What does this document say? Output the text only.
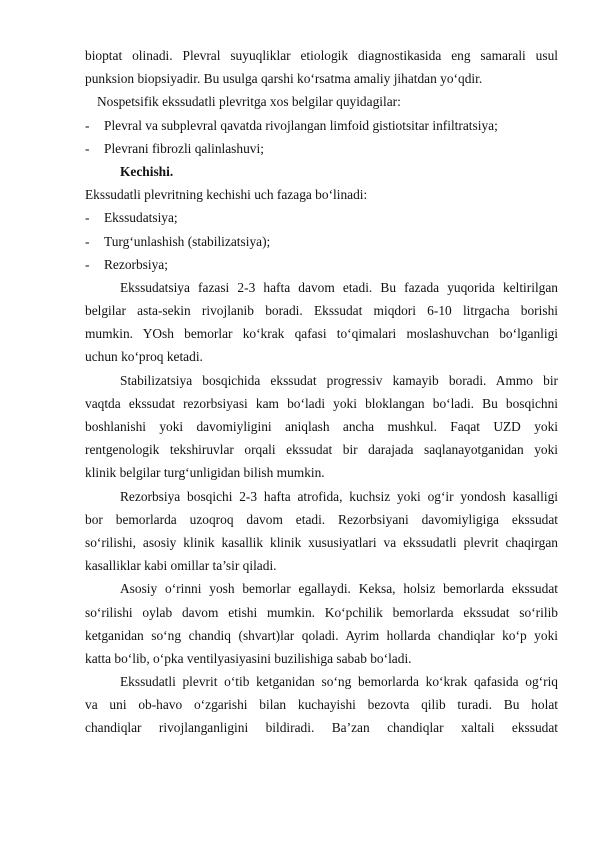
bioptat olinadi. Plevral suyuqliklar etiologik diagnostikasida eng samarali usul
punksion biopsiyadir. Bu usulga qarshi ko‘rsatma amaliy jihatdan yo‘qdir.
Nospetsifik ekssudatli plevritga xos belgilar quyidagilar:
- Plevral va subplevral qavatda rivojlangan limfoid gistiotsitar infiltratsiya;
- Plevrani fibrozli qalinlashuvi;
Kechishi.
Ekssudatli plevritning kechishi uch fazaga bo‘linadi:
- Ekssudatsiya;
- Turg‘unlashish (stabilizatsiya);
- Rezorbsiya;
Ekssudatsiya fazasi 2-3 hafta davom etadi. Bu fazada yuqorida keltirilgan
belgilar asta-sekin rivojlanib boradi. Ekssudat miqdori 6-10 litrgacha borishi
mumkin. YOsh bemorlar ko‘krak qafasi to‘qimalari moslashuvchan bo‘lganligi
uchun ko‘proq ketadi.
Stabilizatsiya bosqichida ekssudat progressiv kamayib boradi. Ammo bir
vaqtda ekssudat rezorbsiyasi kam bo‘ladi yoki bloklangan bo‘ladi. Bu bosqichni
boshlanishi yoki davomiyligini aniqlash ancha mushkul. Faqat UZD yoki
rentgenologik tekshiruvlar orqali ekssudat bir darajada saqlanayotganidan yoki
klinik belgilar turg‘unligidan bilish mumkin.
Rezorbsiya bosqichi 2-3 hafta atrofida, kuchsiz yoki og‘ir yondosh kasalligi
bor bemorlarda uzoqroq davom etadi. Rezorbsiyani davomiyligiga ekssudat
so‘rilishi, asosiy klinik kasallik klinik xususiyatlari va ekssudatli plevrit chaqirgan
kasalliklar kabi omillar ta’sir qiladi.
Asosiy o‘rinni yosh bemorlar egallaydi. Keksa, holsiz bemorlarda ekssudat
so‘rilishi oylab davom etishi mumkin. Ko‘pchilik bemorlarda ekssudat so‘rilib
ketganidan so‘ng chandiq (shvart)lar qoladi. Ayrim hollarda chandiqlar ko‘p yoki
katta bo‘lib, o‘pka ventilyasiyasini buzilishiga sabab bo‘ladi.
Ekssudatli plevrit o‘tib ketganidan so‘ng bemorlarda ko‘krak qafasida og‘riq
va uni ob-havo o‘zgarishi bilan kuchayishi bezovta qilib turadi. Bu holat
chandiqlar rivojlanganligini bildiradi. Ba’zan chandiqlar xaltali ekssudat
